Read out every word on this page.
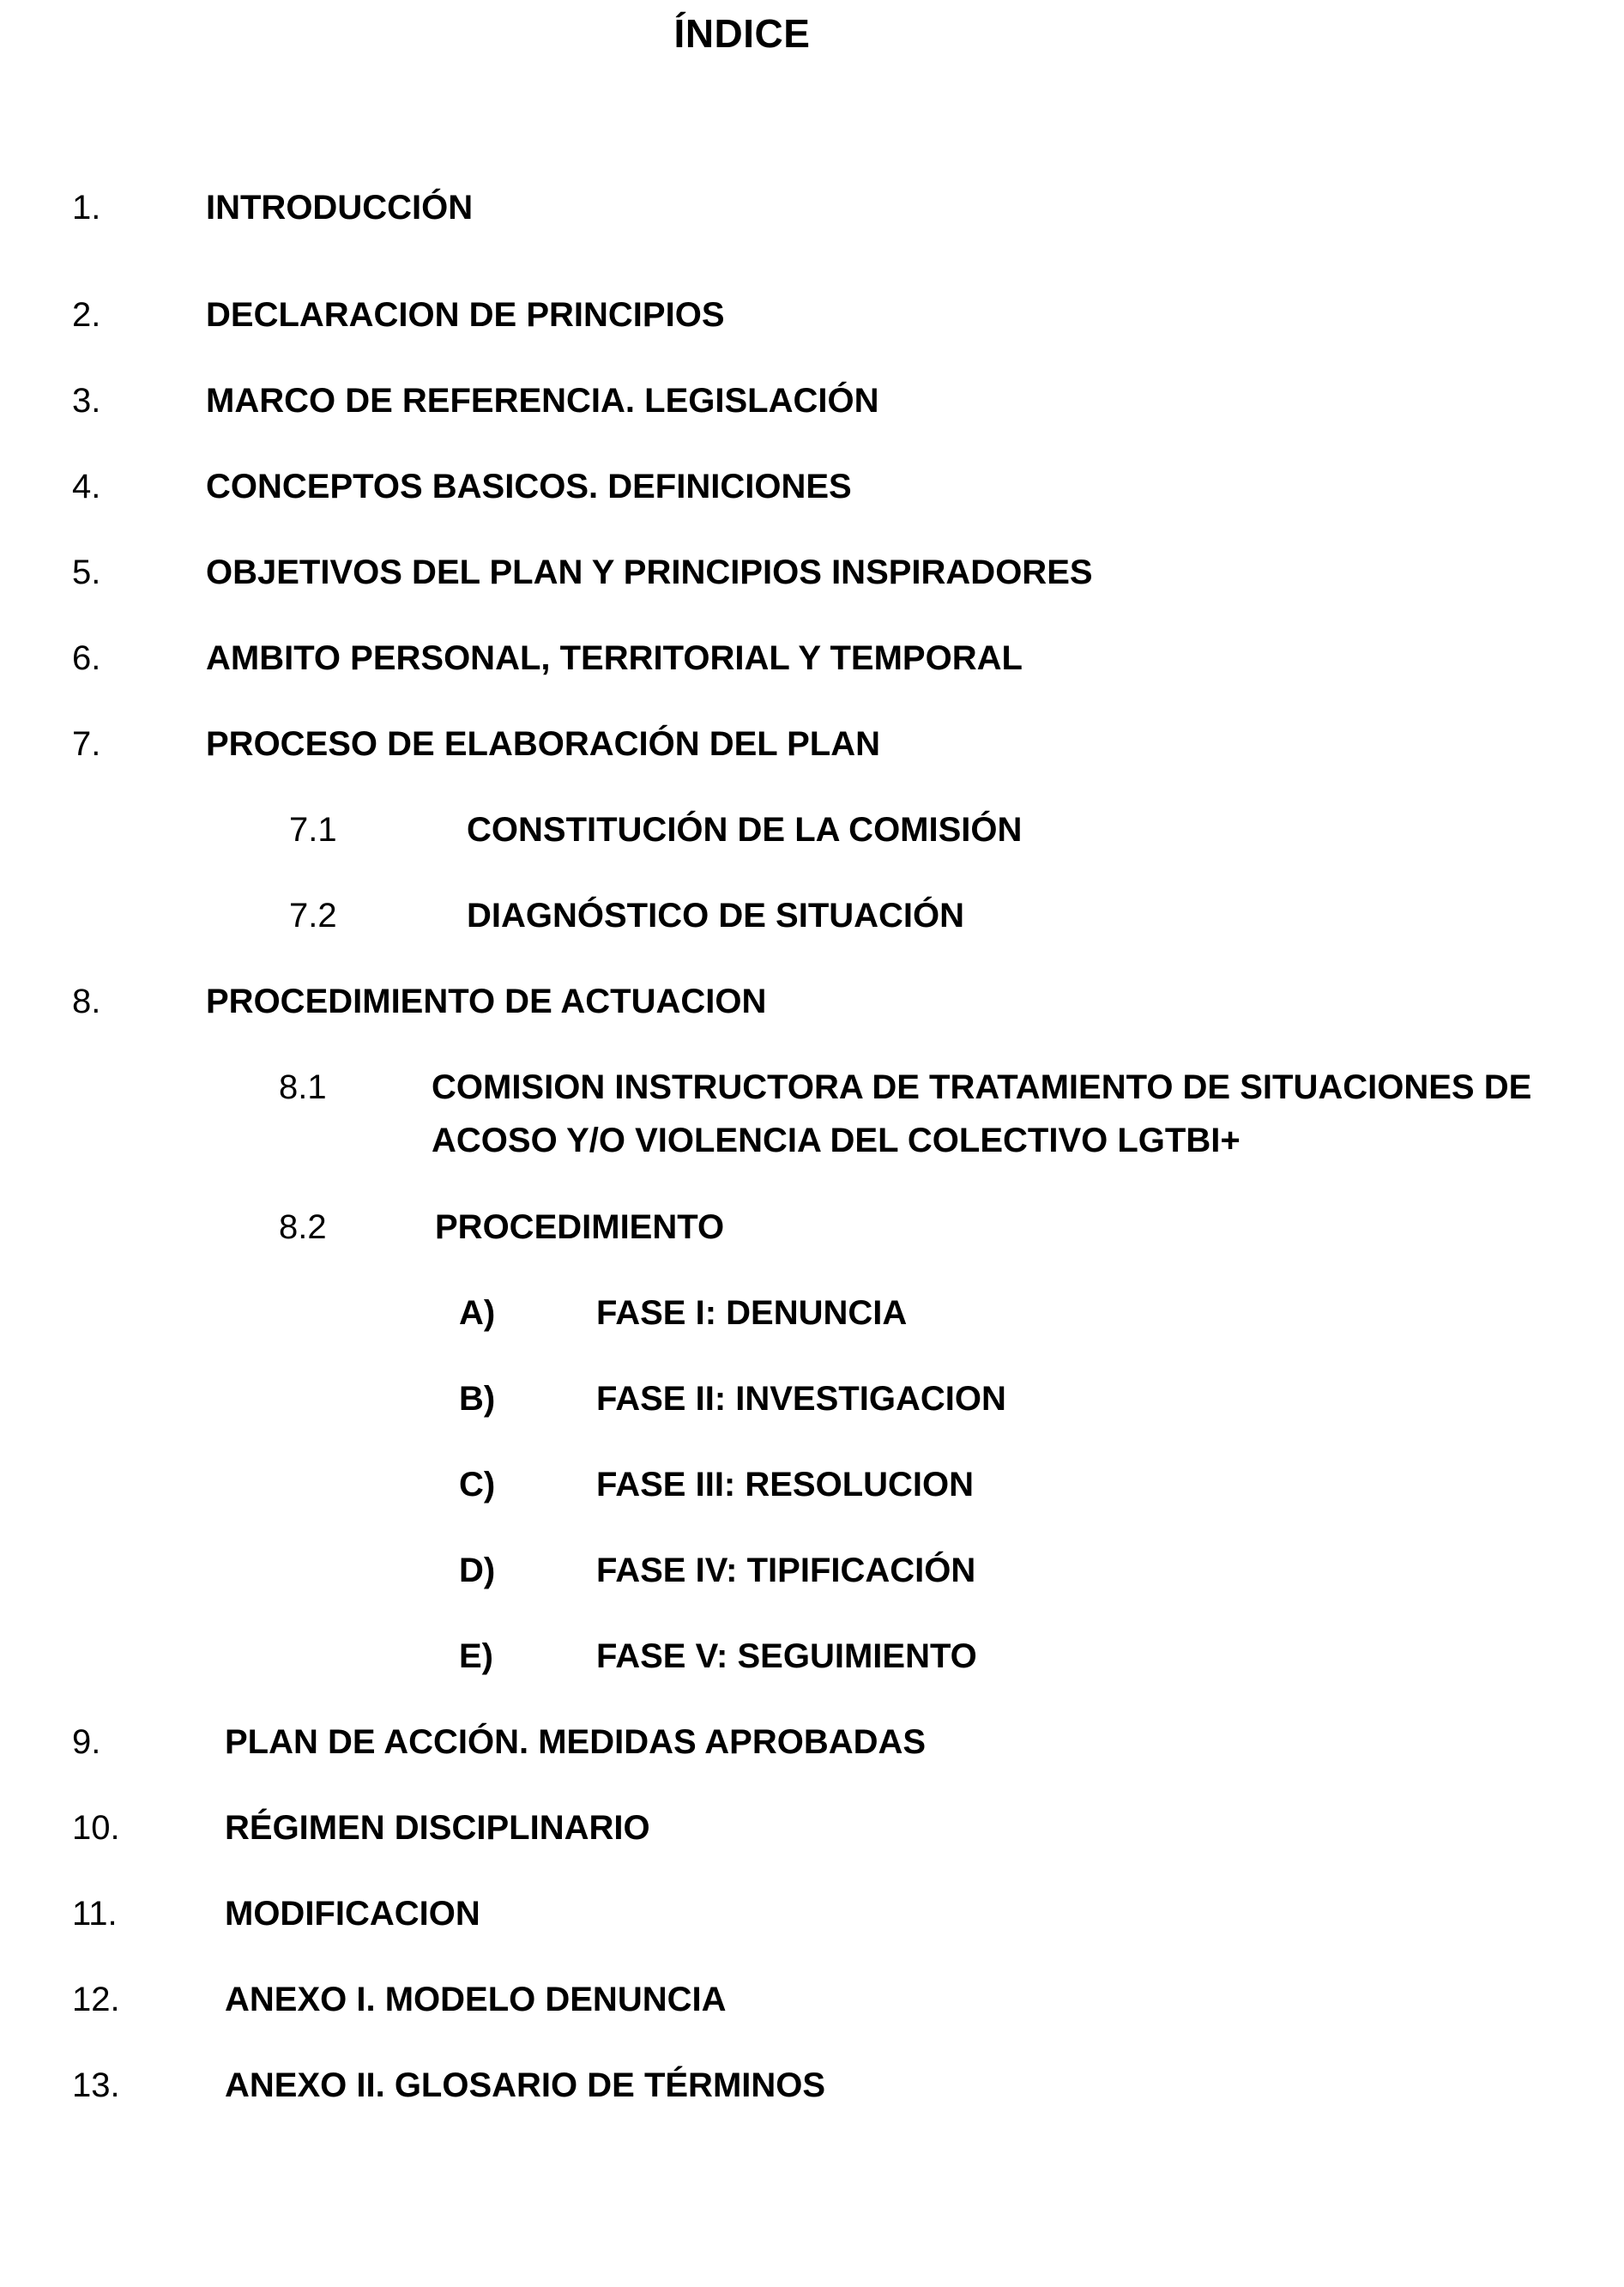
ÍNDICE
1.	INTRODUCCIÓN
2.	DECLARACION DE PRINCIPIOS
3.	MARCO DE REFERENCIA. LEGISLACIÓN
4.	CONCEPTOS BASICOS. DEFINICIONES
5.	OBJETIVOS DEL PLAN Y PRINCIPIOS INSPIRADORES
6.	AMBITO PERSONAL, TERRITORIAL Y TEMPORAL
7.	PROCESO DE ELABORACIÓN DEL PLAN
7.1	CONSTITUCIÓN DE LA COMISIÓN
7.2	DIAGNÓSTICO DE SITUACIÓN
8.	PROCEDIMIENTO DE ACTUACION
8.1	COMISION INSTRUCTORA DE TRATAMIENTO DE SITUACIONES DE
ACOSO Y/O VIOLENCIA DEL COLECTIVO LGTBI+
8.2	PROCEDIMIENTO
A)	FASE I: DENUNCIA
B)	FASE II: INVESTIGACION
C)	FASE III: RESOLUCION
D)	FASE IV: TIPIFICACIÓN
E)	FASE V: SEGUIMIENTO
9.	PLAN DE ACCIÓN. MEDIDAS APROBADAS
10.	RÉGIMEN DISCIPLINARIO
11.	MODIFICACION
12.	ANEXO I. MODELO DENUNCIA
13.	ANEXO II. GLOSARIO DE TÉRMINOS
